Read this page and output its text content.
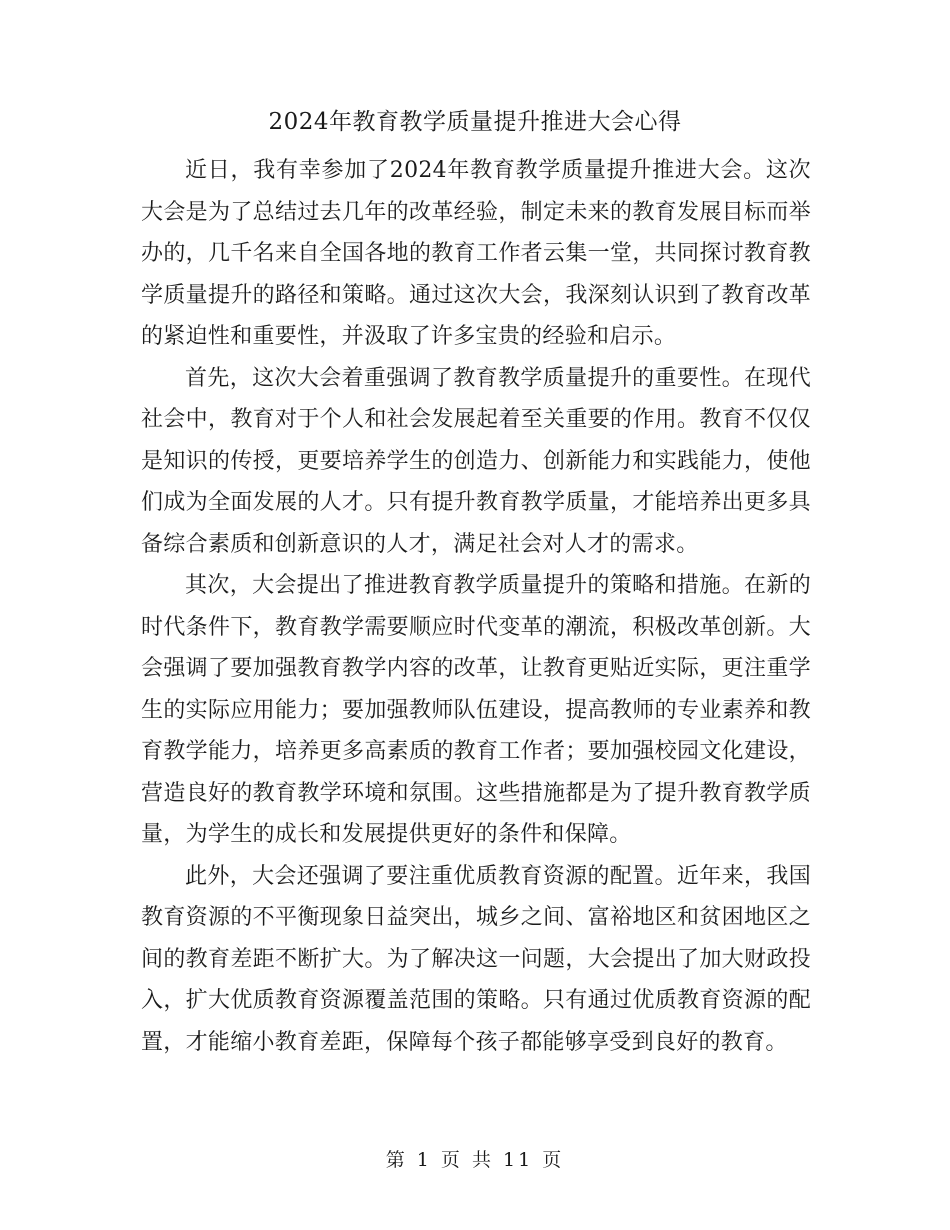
2024年教育教学质量提升推进大会心得

近日，我有幸参加了2024年教育教学质量提升推进大会。这次大会是为了总结过去几年的改革经验，制定未来的教育发展目标而举办的，几千名来自全国各地的教育工作者云集一堂，共同探讨教育教学质量提升的路径和策略。通过这次大会，我深刻认识到了教育改革的紧迫性和重要性，并汲取了许多宝贵的经验和启示。

首先，这次大会着重强调了教育教学质量提升的重要性。在现代社会中，教育对于个人和社会发展起着至关重要的作用。教育不仅仅是知识的传授，更要培养学生的创造力、创新能力和实践能力，使他们成为全面发展的人才。只有提升教育教学质量，才能培养出更多具备综合素质和创新意识的人才，满足社会对人才的需求。

其次，大会提出了推进教育教学质量提升的策略和措施。在新的时代条件下，教育教学需要顺应时代变革的潮流，积极改革创新。大会强调了要加强教育教学内容的改革，让教育更贴近实际，更注重学生的实际应用能力；要加强教师队伍建设，提高教师的专业素养和教育教学能力，培养更多高素质的教育工作者；要加强校园文化建设，营造良好的教育教学环境和氛围。这些措施都是为了提升教育教学质量，为学生的成长和发展提供更好的条件和保障。

此外，大会还强调了要注重优质教育资源的配置。近年来，我国教育资源的不平衡现象日益突出，城乡之间、富裕地区和贫困地区之间的教育差距不断扩大。为了解决这一问题，大会提出了加大财政投入，扩大优质教育资源覆盖范围的策略。只有通过优质教育资源的配置，才能缩小教育差距，保障每个孩子都能够享受到良好的教育。

第 1 页 共 11 页
